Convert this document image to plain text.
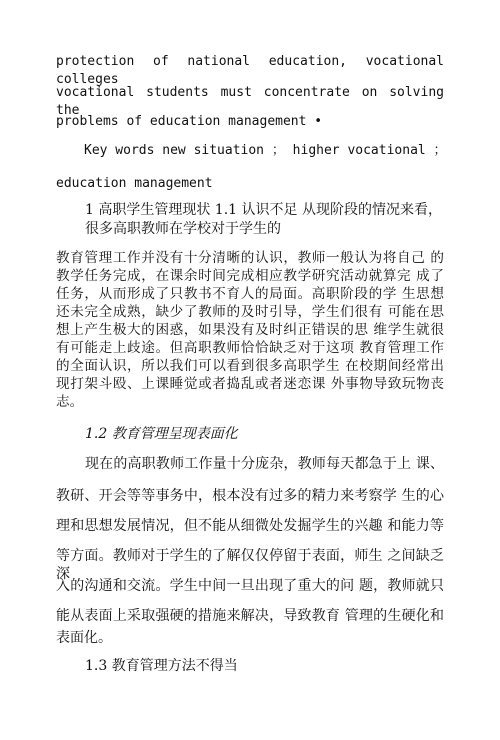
protection of national education, vocational colleges
vocational students must concentrate on solving the
problems of education management •
Key words new situation ； higher vocational ；
education management
1 高职学生管理现状 1.1 认识不足 从现阶段的情况来看，
很多高职教师在学校对于学生的
教育管理工作并没有十分清晰的认识，教师一般认为将自己 的
教学任务完成，在课余时间完成相应教学研究活动就算完 成了
任务，从而形成了只教书不育人的局面。高职阶段的学 生思想
还未完全成熟，缺少了教师的及时引导，学生们很有 可能在思
想上产生极大的困惑，如果没有及时纠正错误的思 维学生就很
有可能走上歧途。但高职教师恰恰缺乏对于这项 教育管理工作
的全面认识，所以我们可以看到很多高职学生 在校期间经常出
现打架斗殴、上课睡觉或者捣乱或者迷恋课 外事物导致玩物丧
志。
1.2 教育管理呈现表面化
现在的高职教师工作量十分庞杂，教师每天都急于上 课、
教研、开会等等事务中，根本没有过多的精力来考察学 生的心
理和思想发展情况，但不能从细微处发掘学生的兴趣 和能力等
等方面。教师对于学生的了解仅仅停留于表面，师生 之间缺乏深
入的沟通和交流。学生中间一旦出现了重大的问 题，教师就只
能从表面上采取强硬的措施来解决，导致教育 管理的生硬化和
表面化。
1.3 教育管理方法不得当
